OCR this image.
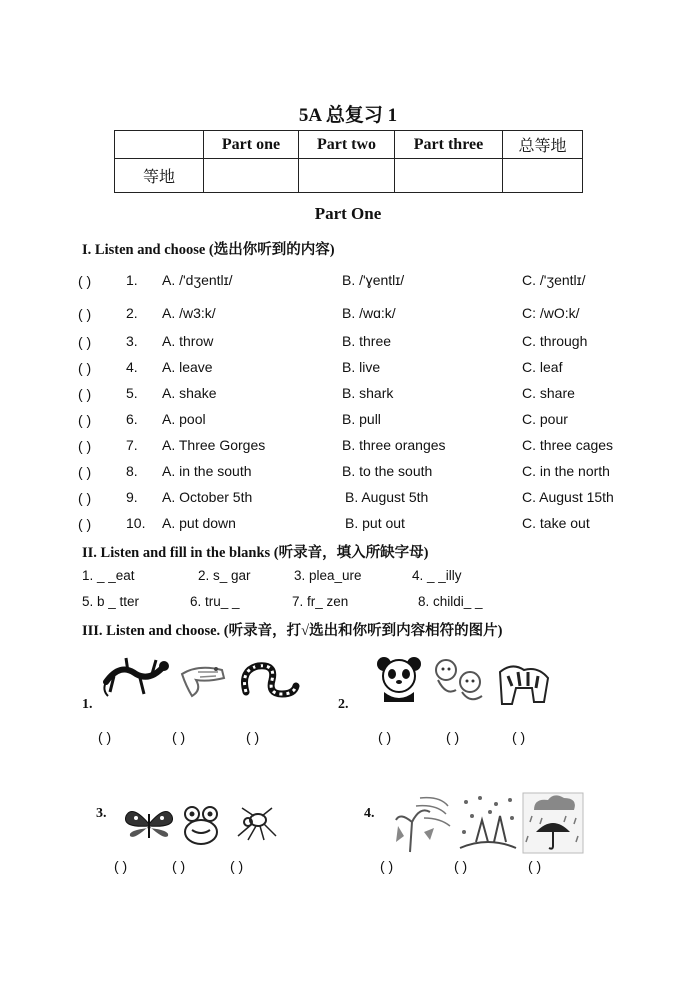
5A 总复习 1
	Part one	Part two	Part three	总等地
等地				
Part One
I. Listen and choose (选出你听到的内容)
( ) 1. A. /'dʒentlɪ/	B. /'ɣentlɪ/	C. /'ʒentlɪ/
( ) 2. A. /w3:k/	B. /wɑ:k/	C: /wO:k/
( ) 3. A. throw	B. three	C. through
( ) 4. A. leave	B. live	C. leaf
( ) 5. A. shake	B. shark	C. share
( ) 6. A. pool	B. pull	C. pour
( ) 7. A. Three Gorges	B. three oranges	C. three cages
( ) 8. A. in the south	B. to the south	C. in the north
( ) 9. A. October 5th	B. August 5th	C. August 15th
( ) 10. A. put down	B. put out	C. take out
II. Listen and fill in the blanks (听录音，填入所缺字母)
1. _ _eat	2. s_ gar	3. plea_ure	4. _ _illy
5. b _ tter	6. tru_ _	7. fr_ zen	8. childi_ _
III. Listen and choose. (听录音，打√选出和你听到内容相符的图片)
1.
( )	( )	( )
2.
( )	( )	( )
3.
( )	( )	( )
4.
( )	( )	( )
